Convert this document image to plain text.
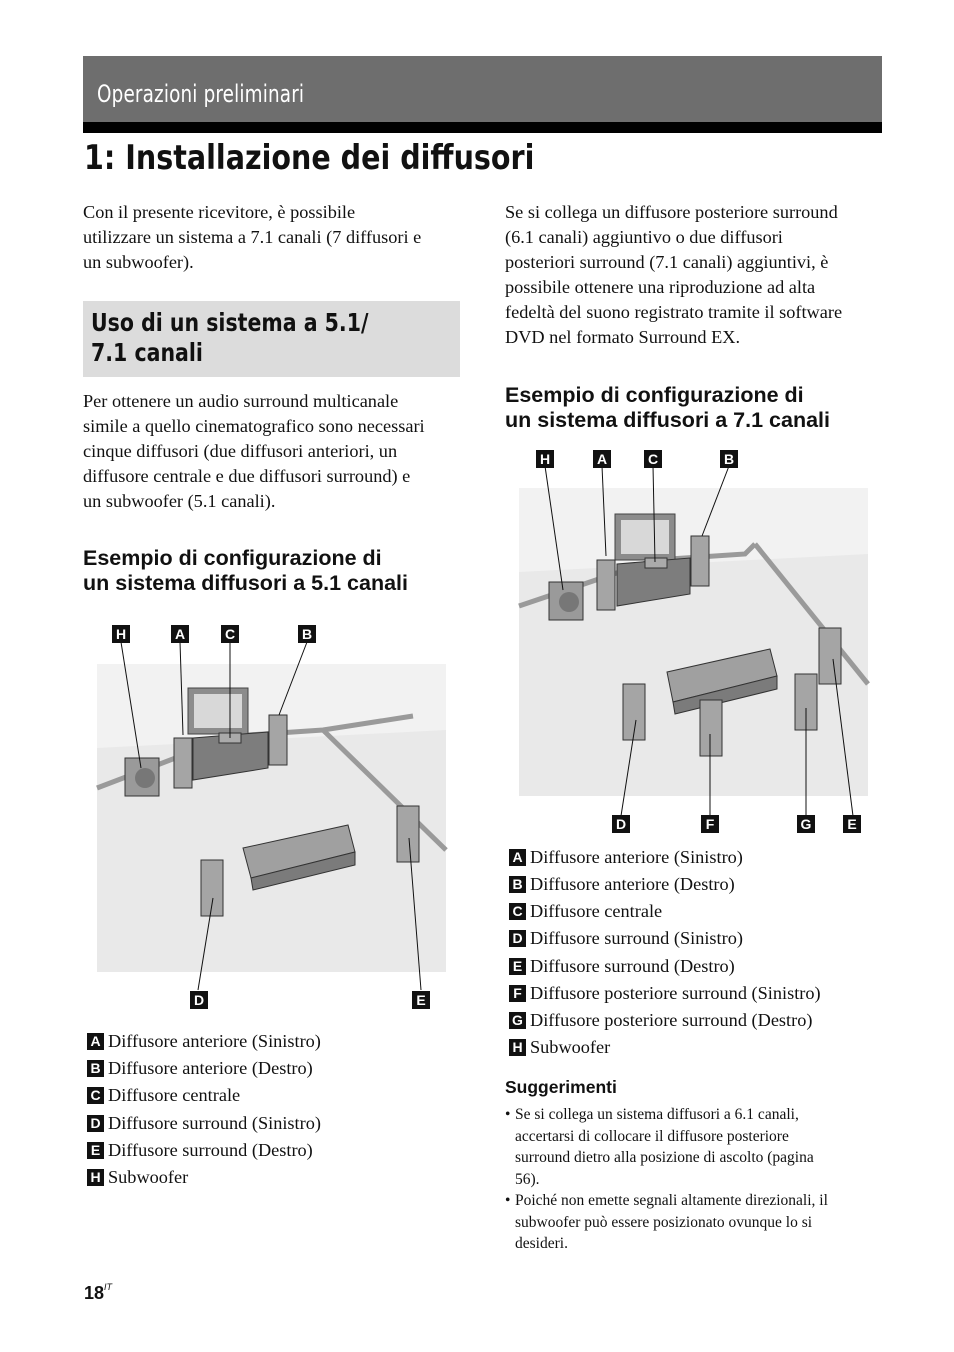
Operazioni preliminari
1: Installazione dei diffusori
Con il presente ricevitore, è possibile
utilizzare un sistema a 7.1 canali (7 diffusori e
un subwoofer).
Uso di un sistema a 5.1/
7.1 canali
Per ottenere un audio surround multicanale
simile a quello cinematografico sono necessari
cinque diffusori (due diffusori anteriori, un
diffusore centrale e due diffusori surround) e
un subwoofer (5.1 canali).
Esempio di configurazione di
un sistema diffusori a 5.1 canali
H	A	C	B
D	E
A Diffusore anteriore (Sinistro)
B Diffusore anteriore (Destro)
C Diffusore centrale
D Diffusore surround (Sinistro)
E Diffusore surround (Destro)
H Subwoofer
Se si collega un diffusore posteriore surround
(6.1 canali) aggiuntivo o due diffusori
posteriori surround (7.1 canali) aggiuntivi, è
possibile ottenere una riproduzione ad alta
fedeltà del suono registrato tramite il software
DVD nel formato Surround EX.
Esempio di configurazione di
un sistema diffusori a 7.1 canali
H	A	C	B
D	F	G	E
A Diffusore anteriore (Sinistro)
B Diffusore anteriore (Destro)
C Diffusore centrale
D Diffusore surround (Sinistro)
E Diffusore surround (Destro)
F Diffusore posteriore surround (Sinistro)
G Diffusore posteriore surround (Destro)
H Subwoofer
Suggerimenti
• Se si collega un sistema diffusori a 6.1 canali,
accertarsi di collocare il diffusore posteriore
surround dietro alla posizione di ascolto (pagina
56).
• Poiché non emette segnali altamente direzionali, il
subwoofer può essere posizionato ovunque lo si
desideri.
$18^{IT}$
